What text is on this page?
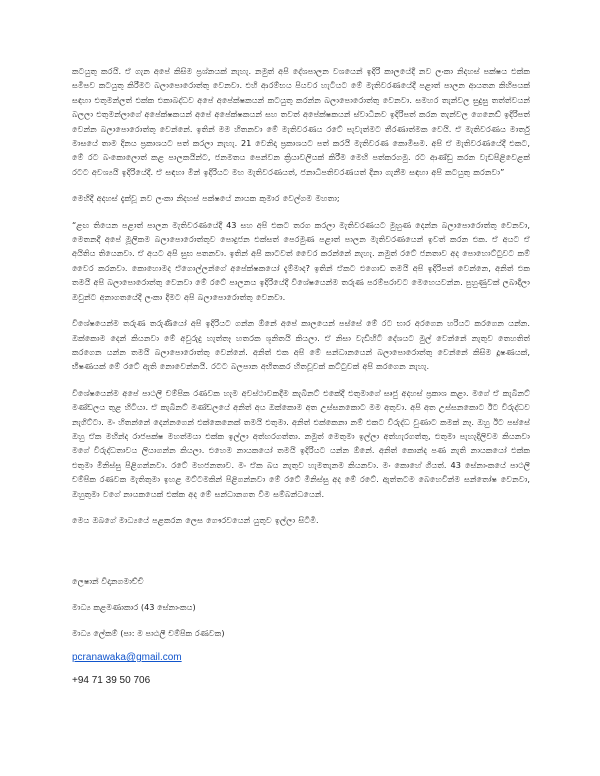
කටයුතු කරයි. ඒ ගැන අපේ කිසිම ප්‍රශ්නයක් නැහැ. නමුත් අපි දේශපාලන වශයෙන් ඉදිරි කාලයේදී නව ලංකා නිදහස් පක්ෂය එක්ක සමීපව කටයුතු කිරීමට බලාපොරොත්තු වෙනවා. එහි ආරම්භය පියවර හැටියට මේ මැතිවරණයේදී පළාත් පාලන ආයතන කිහිපයක් සඳහා එතුමන්ලත් එක්ක එකාබද්ධව අපේ අපේක්ෂකයන් කටයුතු කරන්න බලාපොරොත්තු වෙනවා. සමහර තැන්වල සුදුසු තත්ත්වයන් බලලා එතුමන්ලාගේ අපේක්ෂකයන් අපේ අපේක්ෂකයන් සහ තවත් අපේක්ෂකයන් ස්වාධීනව ඉදිරිපත් කරන තැන්වල ගෙනෙඩ් ඉදිරිපත් වෙන්න බලාපොරොත්තු වෙන්නේ. ඉතින් මම හිතනවා මේ මැතිවරණය රටේ පැවැත්මට තීරණාත්මක වෙයි. ඒ මැතිවරණය මාර්තු මාසයේ තාම දිනය ප්‍රකාශයට පත් කරලා නැහැ. 21 වෙනිදා ප්‍රකාශයට පත් කරයි මැතිවරණ කොමිසම. අපි ඒ මැතිවරණයේදී එකට, මේ රට බංකොලොත් කළ පාලකයින්ට, ජනමතය පෙන්වන ක්‍රියාවලියක් කිරීම මෙහි පත්කරගමු. රට ආණ්ඩු කරන වැඩපිළිවෙළක් රටට අවශ්‍යයි ඉදිරියේදී. ඒ සඳහා මින් ඉදිරියට මහ මැතිවරණයත්, ජනාධිපතිවරණයත් දිනා ගැනීම සඳහා අපි කටයුතු කරනවා”

මෙහිදී අදහස් දැක්වූ නව ලංකා නිදහස් පක්ෂයේ නායක කුමාර වෙල්ගම මහතා;

“ළඟ තියෙන පළාත් පාලන මැතිවරණයේදී 43 සහ අපි එකට තරග කරලා මැතිවරණයට මුහුණ දෙන්න බලාපොරොත්තු වෙනවා, මෙතනදී අපේ මූලිකම බලාපොරොත්තුව පොදුජන එක්සත් පෙරමුණ පළාත් පාලන මැතිවරණයෙන් ඉවත් කරන එක. ඒ අයට ඒ අයිතිය තියෙනවා. ඒ අයට අපි සුභ පතනවා. ඉතින් අපි කාටවත් වෛර කරන්නේ නැහැ. නමුත් රටේ ජනතාව අද පොහොට්ටුවට කම් වෛර කරනවා. කොහොමද ඒගොල්ලන්ගේ අපේක්ෂකයෝ දැම්මාද? ඉතින් ඒකට එගොඩ තමයි අපි ඉදිරිපත් වෙන්නෙ, අනිත් එක තමයි අපි බලාපොරොත්තු වෙනවා මේ රටේ පාලනය ඉදිරියේදී විශේෂයෙන්ම තරුණ පරම්පරාවට මෙහෙයවන්න. පුහුණුවක් ලබාදීලා ඔවුන්ට අනාගතයේදී ලංකා දීමට අපි බලාපොරොත්තු වෙනවා.

විශේෂයෙන්ම තරුණ තරුණියෝ අපි ඉදිරියට ගන්න ඕනේ අපේ කාලයෙන් පස්සේ මේ රට භාර අරගෙන හරියට කරගෙන යන්න. ඔක්කොම දෙන් කියනවා මේ අවුරුදු හැත්තෑ හතරක ශූනිතයි කියලා. ඒ නිසා වැඩිහිටි දේශයට මුල් වෙන්නේ නැතුව තෙහතිත් කරගෙන යන්න තමයි බලාපොරොත්තු වෙන්නේ. අනිත් එක අපි මේ සන්ධානයෙන් බලාපොරොත්තු වෙන්නේ කිසිම දූෂණයක්, භීෂණයක් මේ රටේ ඇති නොවෙන්නයි. රටට බලපාන අභිතකර හිතවූවක් කට්ටුවක් අපි කරගෙන නැහැ.

විශේෂයෙන්ම අපේ පාථලී චම්පික රණවක හැම අවස්ථාවකදීම කැබිනට් එකේදී එතුමාගේ සෘජු අදහස් ප්‍රකාශ කළා. මගේ ඒ කැබිනට් මණ්ඩලය තුළ හිටියා. ඒ කැබිනට් මණ්ඩලයේ අනිත් අය ඔක්කොම අත උස්සනකොට මම අතුවා. අපි අත උස්සනකොට ඊට විරුද්ධව නැගිට්ටා. මං හිතන්නේ දෙන්නගෙන් එක්කෙනෙක් තමයි එතුමා. අනිත් එක්කෙනා නම් එකට විරුද්ධ වුණාට කමක් නෑ. ඔහු ඊට පස්සේ ඔහු ඒක මහින්ද රාජපක්ෂ මහත්මයා එක්ක ඉල්ලා අත්හරගත්තා. නමුත් මෙතුමා ඉල්ලා අත්හැරගත්තු, එතුමා පැහැදිලිවම කියනවා මගේ විරුද්ධතාවය ලියාගන්න කියලා. එහෙම නායකයෝ තමයි ඉදිරියට යන්න ඕනේ. අනිත් කොන්ද පණ නැති නායකයෝ එක්ක එතුමා මිනිස්සු පිළිගන්නවා. රටේ මහජනතාව. මං ඒක බය නැතුව හැමතැනම කියනවා. මං කොහේ ගියත්. 43 සේනාංකයේ පාථලී චම්පික රණවක මැතිතුමා ඉහළ මට්ටමකින් පිළිගන්නවා මේ රටේ මිනිස්සු අද මේ රටේ. ඇත්තටම බෙහෙවින්ම සන්තෝෂ වෙනවා, ඔහුතුමා වගේ නායකයෙක් එක්ක අද මේ සන්ධානගත වීම සම්බන්ධයෙන්.

මෙය ඔබගේ මාධ්‍යයේ පළකරන ලෙස ගෞරවයෙන් යුතුව ඉල්ලා සිටිමි.

ලෙෂාන් විදානගමාච්චි

මාධ්‍ය කළමණාකාර (43 සේනාංකය)

මාධ්‍ය ලේකම් (පා: ම පාඨලී චම්පික රණවක)

pcranawaka@gmail.com

+94 71 39 50 706
